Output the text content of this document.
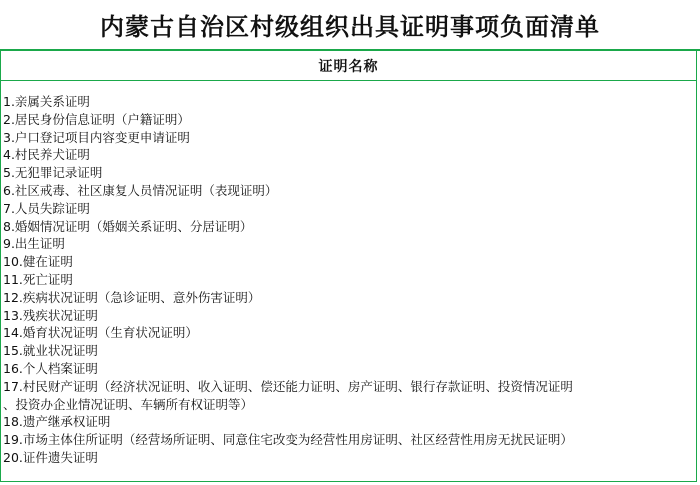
内蒙古自治区村级组织出具证明事项负面清单
证明名称
1.亲属关系证明
2.居民身份信息证明（户籍证明）
3.户口登记项目内容变更申请证明
4.村民养犬证明
5.无犯罪记录证明
6.社区戒毒、社区康复人员情况证明（表现证明）
7.人员失踪证明
8.婚姻情况证明（婚姻关系证明、分居证明）
9.出生证明
10.健在证明
11.死亡证明
12.疾病状况证明（急诊证明、意外伤害证明）
13.残疾状况证明
14.婚育状况证明（生育状况证明）
15.就业状况证明
16.个人档案证明
17.村民财产证明（经济状况证明、收入证明、偿还能力证明、房产证明、银行存款证明、投资情况证明
、投资办企业情况证明、车辆所有权证明等）
18.遗产继承权证明
19.市场主体住所证明（经营场所证明、同意住宅改变为经营性用房证明、社区经营性用房无扰民证明）
20.证件遗失证明
